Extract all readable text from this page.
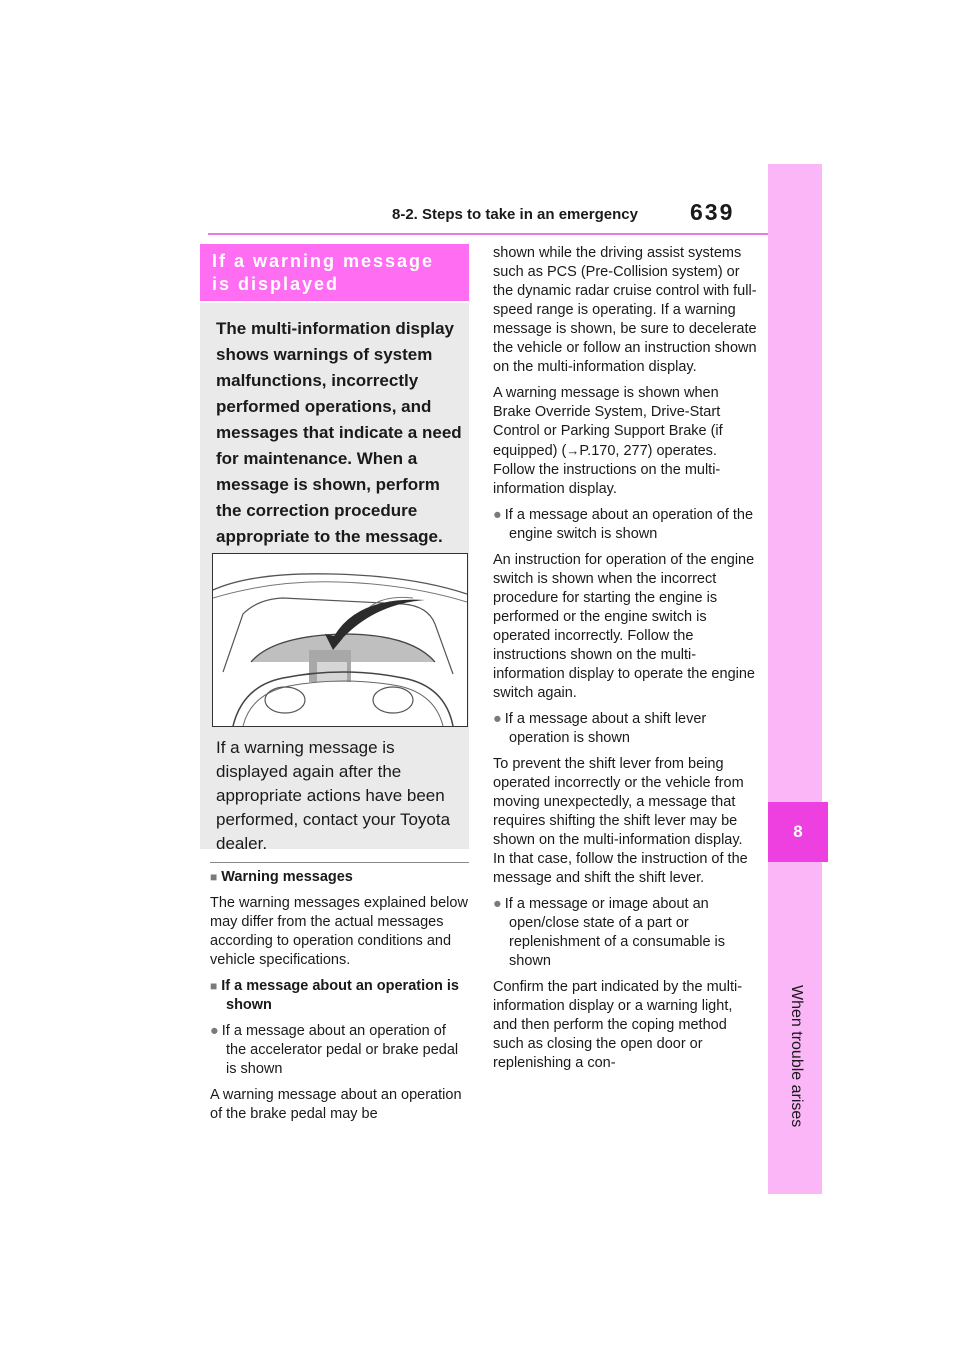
8-2. Steps to take in an emergency 639
8
When trouble arises
If a warning message is displayed
The multi-information display shows warnings of system malfunctions, incorrectly performed operations, and messages that indicate a need for maintenance. When a message is shown, perform the correction procedure appropriate to the message.
If a warning message is displayed again after the appropriate actions have been performed, contact your Toyota dealer.

■ Warning messages

The warning messages explained below may differ from the actual messages according to operation conditions and vehicle specifications.

■ If a message about an operation is shown

● If a message about an operation of the accelerator pedal or brake pedal is shown

A warning message about an operation of the brake pedal may be

shown while the driving assist systems such as PCS (Pre-Collision system) or the dynamic radar cruise control with full-speed range is operating. If a warning message is shown, be sure to decelerate the vehicle or follow an instruction shown on the multi-information display.

A warning message is shown when Brake Override System, Drive-Start Control or Parking Support Brake (if equipped) (→P.170, 277) operates. Follow the instructions on the multi-information display.

● If a message about an operation of the engine switch is shown

An instruction for operation of the engine switch is shown when the incorrect procedure for starting the engine is performed or the engine switch is operated incorrectly. Follow the instructions shown on the multi-information display to operate the engine switch again.

● If a message about a shift lever operation is shown

To prevent the shift lever from being operated incorrectly or the vehicle from moving unexpectedly, a message that requires shifting the shift lever may be shown on the multi-information display. In that case, follow the instruction of the message and shift the shift lever.

● If a message or image about an open/close state of a part or replenishment of a consumable is shown

Confirm the part indicated by the multi-information display or a warning light, and then perform the coping method such as closing the open door or replenishing a con-
